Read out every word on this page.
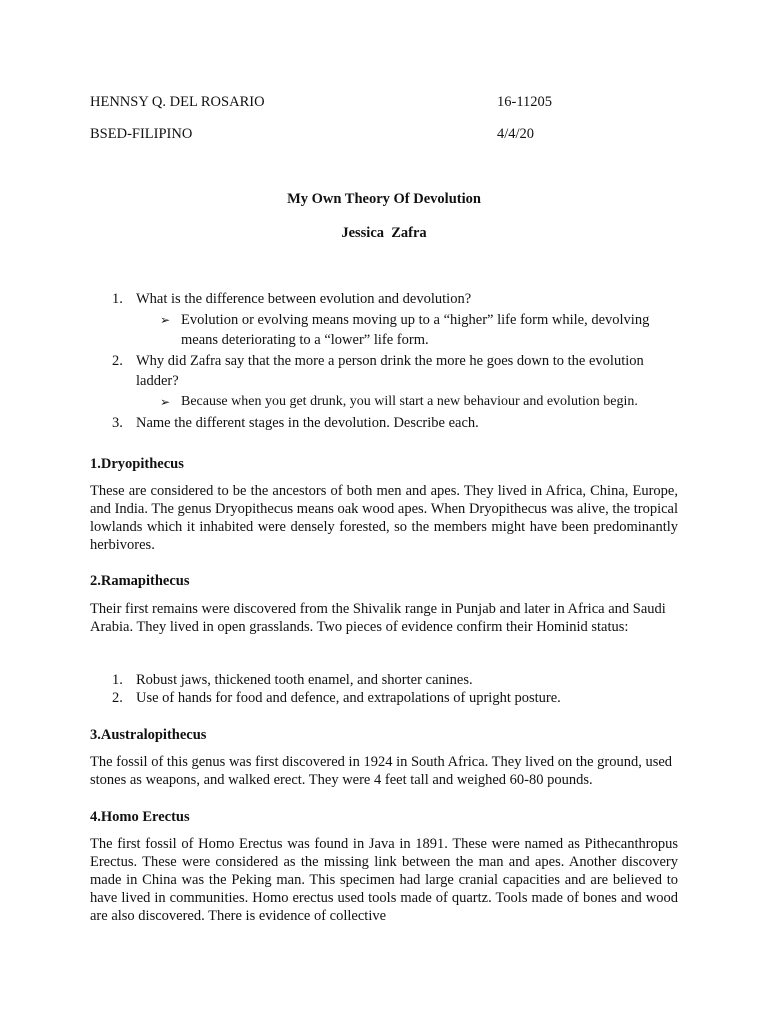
HENNSY Q. DEL ROSARIO	16-11205
BSED-FILIPINO	4/4/20
My Own Theory Of Devolution
Jessica  Zafra
1. What is the difference between evolution and devolution?
➢ Evolution or evolving means moving up to a “higher” life form while, devolving
means deteriorating to a “lower” life form.
2. Why did Zafra say that the more a person drink the more he goes down to the evolution
ladder?
➢ Because when you get drunk, you will start a new behaviour and evolution begin.
3. Name the different stages in the devolution. Describe each.
1.Dryopithecus
These are considered to be the ancestors of both men and apes. They lived in Africa, China, Europe, and India. The genus Dryopithecus means oak wood apes. When Dryopithecus was alive, the tropical lowlands which it inhabited were densely forested, so the members might have been predominantly herbivores.
2.Ramapithecus
Their first remains were discovered from the Shivalik range in Punjab and later in Africa and Saudi Arabia. They lived in open grasslands. Two pieces of evidence confirm their Hominid status:
1. Robust jaws, thickened tooth enamel, and shorter canines.
2. Use of hands for food and defence, and extrapolations of upright posture.
3.Australopithecus
The fossil of this genus was first discovered in 1924 in South Africa. They lived on the ground, used stones as weapons, and walked erect. They were 4 feet tall and weighed 60-80 pounds.
4.Homo Erectus
The first fossil of Homo Erectus was found in Java in 1891. These were named as Pithecanthropus Erectus. These were considered as the missing link between the man and apes. Another discovery made in China was the Peking man. This specimen had large cranial capacities and are believed to have lived in communities. Homo erectus used tools made of quartz. Tools made of bones and wood are also discovered. There is evidence of collective
